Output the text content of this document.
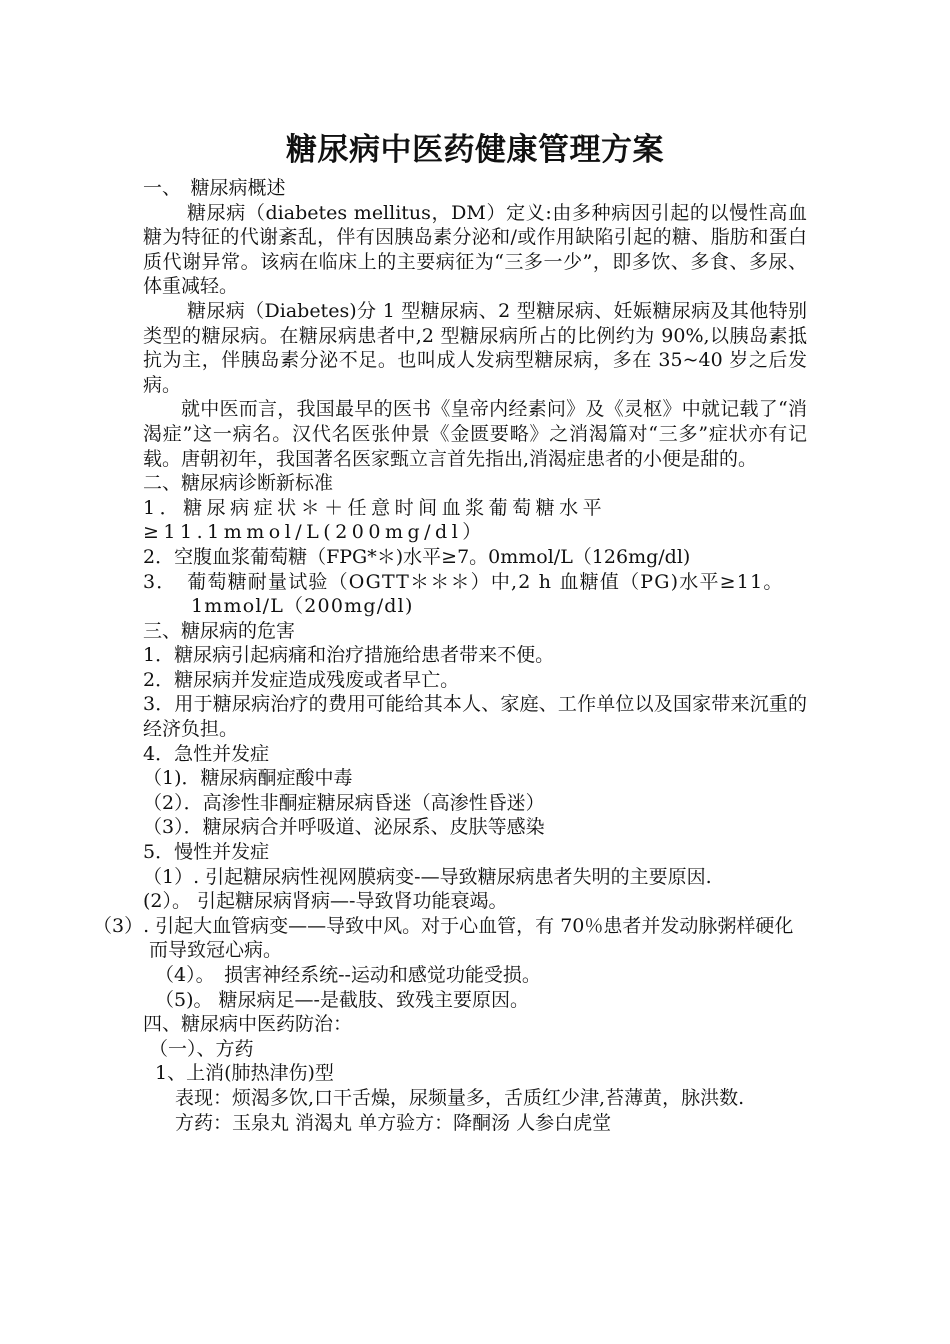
糖尿病中医药健康管理方案

一、　糖尿病概述

糖尿病（diabetes mellitus，DM）定义:由多种病因引起的以慢性高血糖为特征的代谢紊乱，伴有因胰岛素分泌和/或作用缺陷引起的糖、脂肪和蛋白质代谢异常。该病在临床上的主要病征为“三多一少”，即多饮、多食、多尿、体重减轻。

糖尿病（Diabetes)分 1 型糖尿病、2 型糖尿病、妊娠糖尿病及其他特别类型的糖尿病。在糖尿病患者中,2 型糖尿病所占的比例约为 90%,以胰岛素抵抗为主，伴胰岛素分泌不足。也叫成人发病型糖尿病，多在 35~40 岁之后发病。

就中医而言，我国最早的医书《皇帝内经素问》及《灵枢》中就记载了“消渴症”这一病名。汉代名医张仲景《金匮要略》之消渴篇对“三多”症状亦有记载。唐朝初年，我国著名医家甄立言首先指出,消渴症患者的小便是甜的。

二、糖尿病诊断新标准

1．糖尿病症状＊＋任意时间血浆葡萄糖水平≥11.1mmol/L(200mg/dl）

2．空腹血浆葡萄糖（FPG*＊)水平≥7。0mmol/L（126mg/dl)

3．　葡萄糖耐量试验（OGTT＊＊＊）中,2 h 血糖值（PG)水平≥11。1mmol/L（200mg/dl)

三、糖尿病的危害

1．糖尿病引起病痛和治疗措施给患者带来不便。

2．糖尿病并发症造成残废或者早亡。

3．用于糖尿病治疗的费用可能给其本人、家庭、工作单位以及国家带来沉重的经济负担。

4．急性并发症

（1)．糖尿病酮症酸中毒

（2）．高渗性非酮症糖尿病昏迷（高渗性昏迷）

（3）．糖尿病合并呼吸道、泌尿系、皮肤等感染

5．慢性并发症

（1）. 引起糖尿病性视网膜病变-—导致糖尿病患者失明的主要原因.

(2）。 引起糖尿病肾病—-导致肾功能衰竭。

（3）. 引起大血管病变——导致中风。对于心血管，有 70％患者并发动脉粥样硬化而导致冠心病。

（4）。　损害神经系统--运动和感觉功能受损。

（5)。 糖尿病足—-是截肢、致残主要原因。

四、糖尿病中医药防治：

（一）、方药

1、上消(肺热津伤)型

表现：烦渴多饮,口干舌燥，尿频量多，舌质红少津,苔薄黄，脉洪数.

方药：玉泉丸 消渴丸 单方验方：降酮汤 人参白虎堂
